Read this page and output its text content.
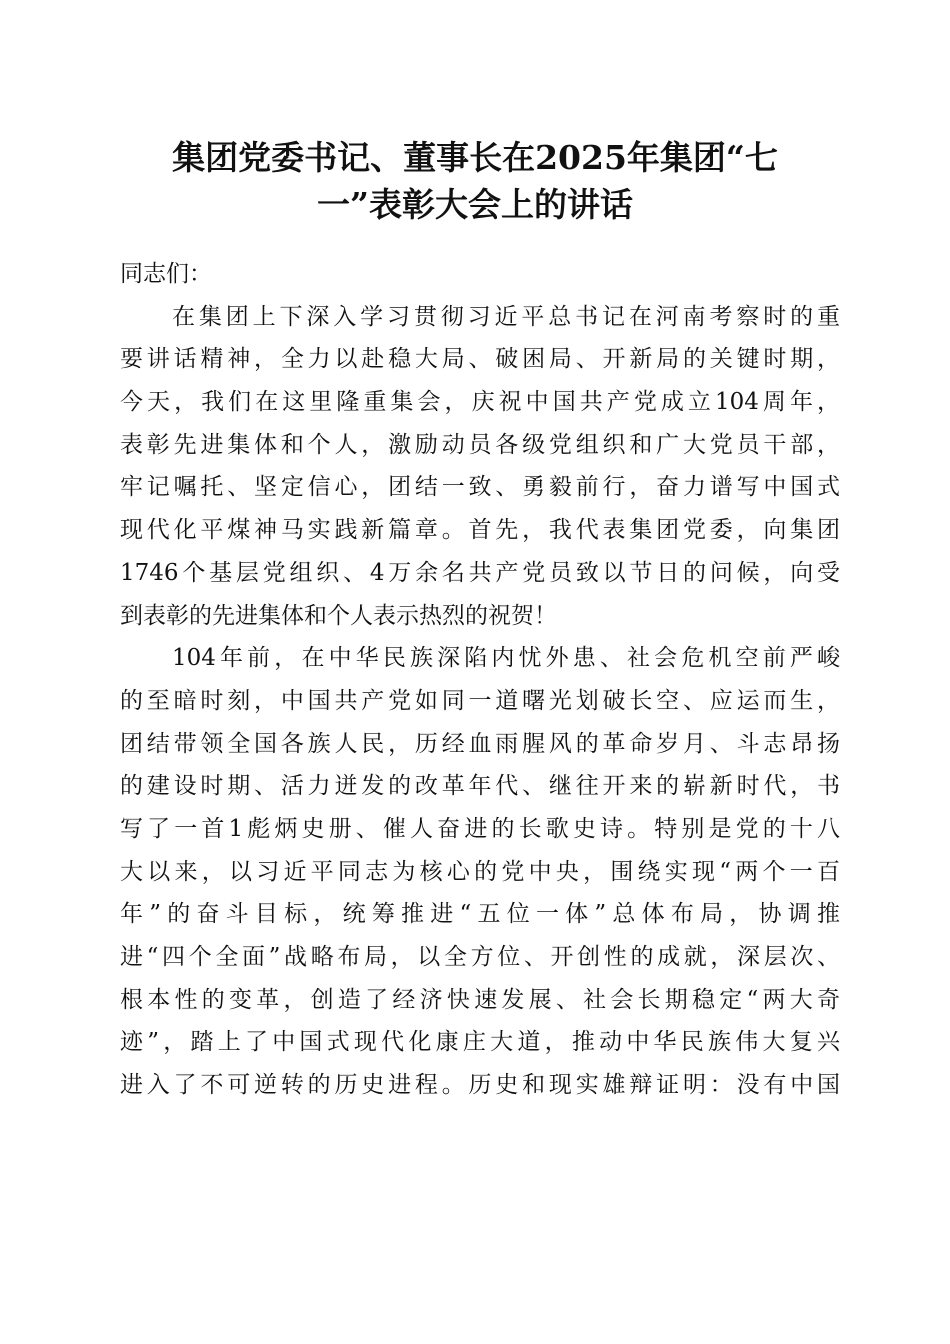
集团党委书记、董事长在2025年集团“七
一”表彰大会上的讲话
同志们：
在集团上下深入学习贯彻习近平总书记在河南考察时的重
要讲话精神，全力以赴稳大局、破困局、开新局的关键时期，
今天，我们在这里隆重集会，庆祝中国共产党成立104周年，
表彰先进集体和个人，激励动员各级党组织和广大党员干部，
牢记嘱托、坚定信心，团结一致、勇毅前行，奋力谱写中国式
现代化平煤神马实践新篇章。首先，我代表集团党委，向集团
1746个基层党组织、4万余名共产党员致以节日的问候，向受
到表彰的先进集体和个人表示热烈的祝贺！
104年前，在中华民族深陷内忧外患、社会危机空前严峻
的至暗时刻，中国共产党如同一道曙光划破长空、应运而生，
团结带领全国各族人民，历经血雨腥风的革命岁月、斗志昂扬
的建设时期、活力迸发的改革年代、继往开来的崭新时代，书
写了一首1彪炳史册、催人奋进的长歌史诗。特别是党的十八
大以来，以习近平同志为核心的党中央，围绕实现“两个一百
年”的奋斗目标，统筹推进“五位一体”总体布局，协调推
进“四个全面”战略布局，以全方位、开创性的成就，深层次、
根本性的变革，创造了经济快速发展、社会长期稳定“两大奇
迹”，踏上了中国式现代化康庄大道，推动中华民族伟大复兴
进入了不可逆转的历史进程。历史和现实雄辩证明：没有中国
